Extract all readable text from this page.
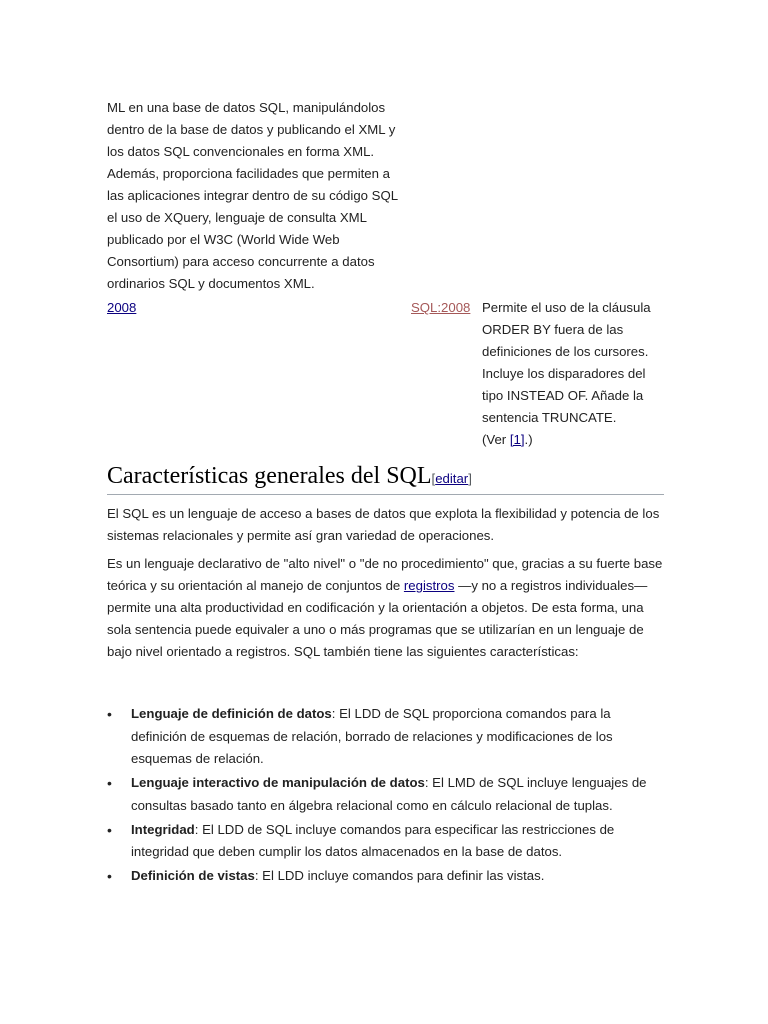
ML en una base de datos SQL, manipulándolos dentro de la base de datos y publicando el XML y los datos SQL convencionales en forma XML. Además, proporciona facilidades que permiten a las aplicaciones integrar dentro de su código SQL el uso de XQuery, lenguaje de consulta XML publicado por el W3C (World Wide Web Consortium) para acceso concurrente a datos ordinarios SQL y documentos XML.
2008	SQL:2008 Permite el uso de la cláusula ORDER BY fuera de las definiciones de los cursores. Incluye los disparadores del tipo INSTEAD OF. Añade la sentencia TRUNCATE.
(Ver [1].)
Características generales del SQL[editar]

El SQL es un lenguaje de acceso a bases de datos que explota la flexibilidad y potencia de los sistemas relacionales y permite así gran variedad de operaciones.

Es un lenguaje declarativo de "alto nivel" o "de no procedimiento" que, gracias a su fuerte base teórica y su orientación al manejo de conjuntos de registros —y no a registros individuales— permite una alta productividad en codificación y la orientación a objetos. De esta forma, una sola sentencia puede equivaler a uno o más programas que se utilizarían en un lenguaje de bajo nivel orientado a registros. SQL también tiene las siguientes características:

• Lenguaje de definición de datos: El LDD de SQL proporciona comandos para la definición de esquemas de relación, borrado de relaciones y modificaciones de los esquemas de relación.
• Lenguaje interactivo de manipulación de datos: El LMD de SQL incluye lenguajes de consultas basado tanto en álgebra relacional como en cálculo relacional de tuplas.
• Integridad: El LDD de SQL incluye comandos para especificar las restricciones de integridad que deben cumplir los datos almacenados en la base de datos.
• Definición de vistas: El LDD incluye comandos para definir las vistas.
